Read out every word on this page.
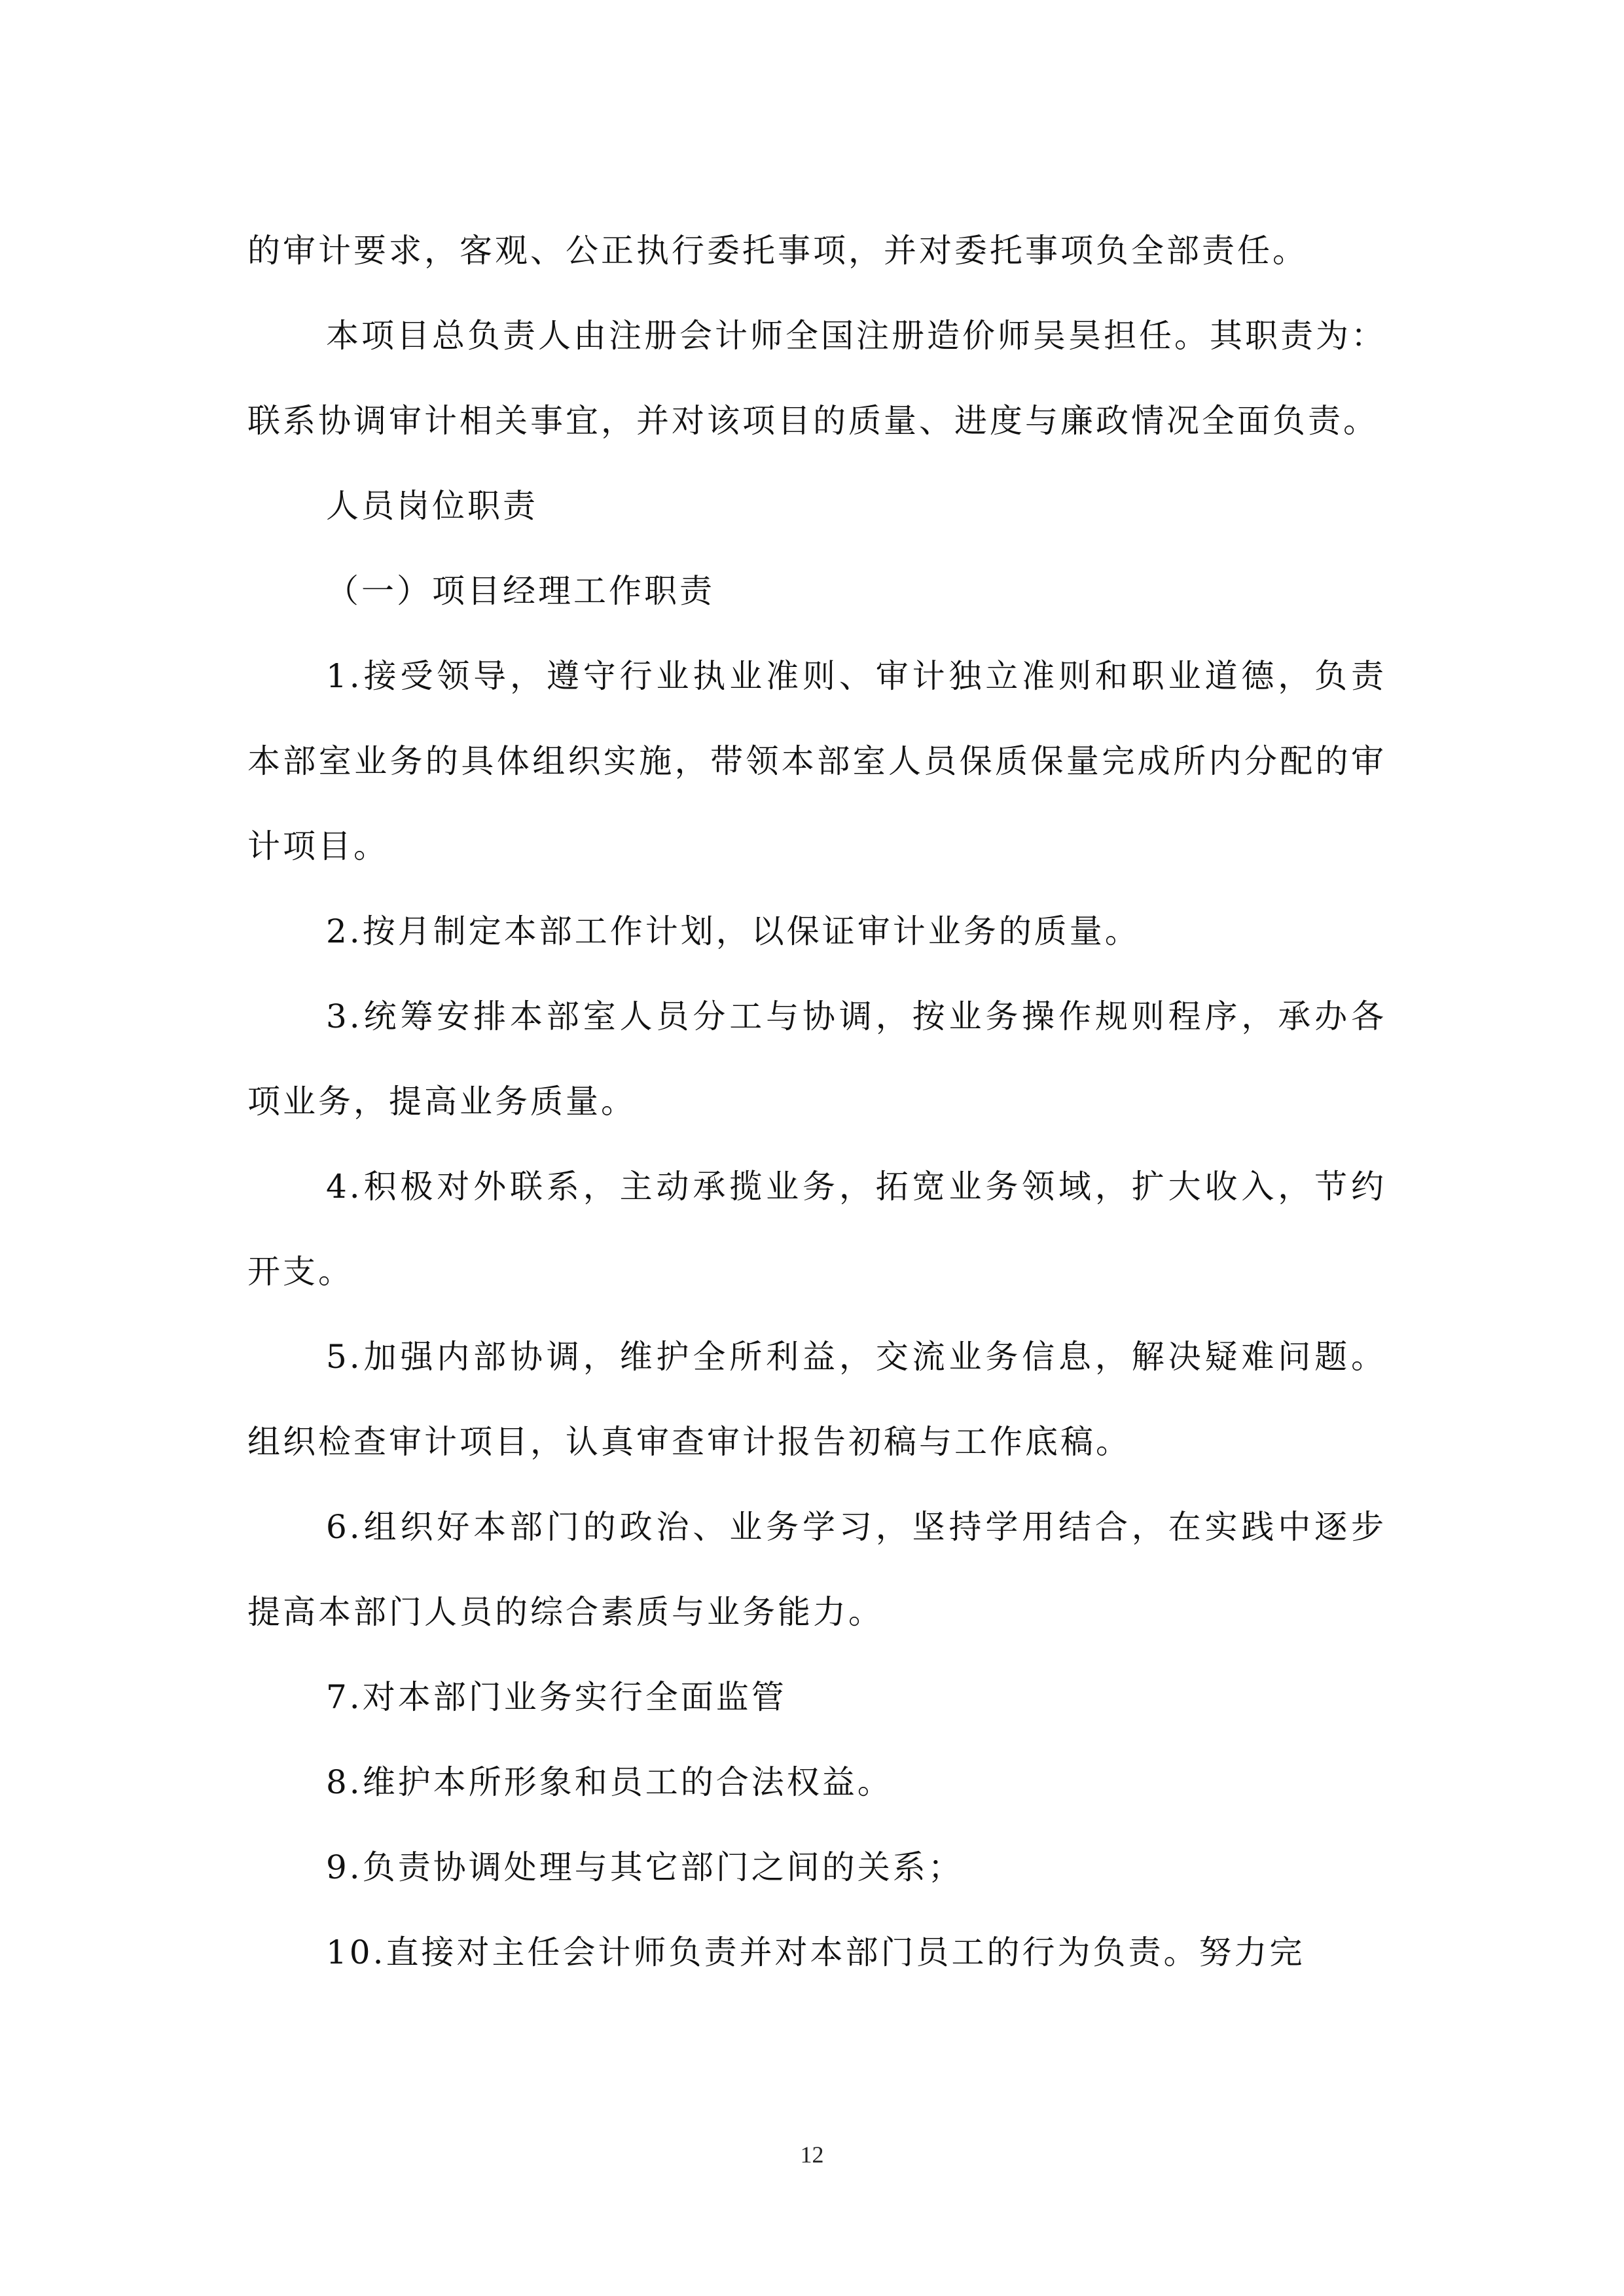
的审计要求，客观、公正执行委托事项，并对委托事项负全部责任。

本项目总负责人由注册会计师全国注册造价师吴昊担任。其职责为：联系协调审计相关事宜，并对该项目的质量、进度与廉政情况全面负责。

人员岗位职责

（一）项目经理工作职责

1.接受领导，遵守行业执业准则、审计独立准则和职业道德，负责本部室业务的具体组织实施，带领本部室人员保质保量完成所内分配的审计项目。

2.按月制定本部工作计划，以保证审计业务的质量。

3.统筹安排本部室人员分工与协调，按业务操作规则程序，承办各项业务，提高业务质量。

4.积极对外联系，主动承揽业务，拓宽业务领域，扩大收入，节约开支。

5.加强内部协调，维护全所利益，交流业务信息，解决疑难问题。组织检查审计项目，认真审查审计报告初稿与工作底稿。

6.组织好本部门的政治、业务学习，坚持学用结合，在实践中逐步提高本部门人员的综合素质与业务能力。

7.对本部门业务实行全面监管

8.维护本所形象和员工的合法权益。

9.负责协调处理与其它部门之间的关系；

10.直接对主任会计师负责并对本部门员工的行为负责。努力完

12
